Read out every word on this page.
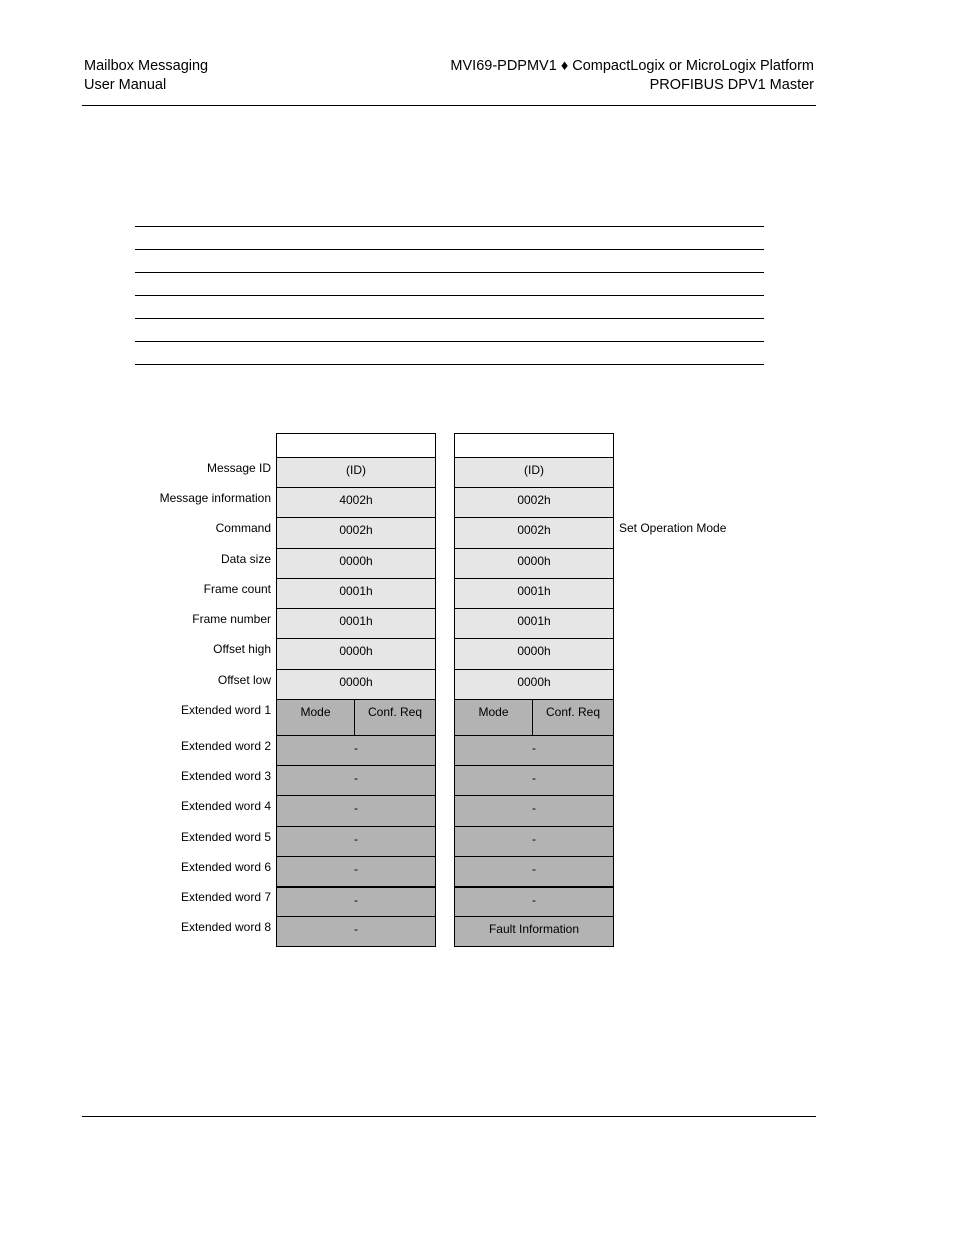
Mailbox Messaging
User Manual
MVI69-PDPMV1 ♦ CompactLogix or MicroLogix Platform
PROFIBUS DPV1 Master
Message ID
Message information
Command
Data size
Frame count
Frame number
Offset high
Offset low
Extended word 1
Extended word 2
Extended word 3
Extended word 4
Extended word 5
Extended word 6
Extended word 7
Extended word 8
(ID)
4002h
0002h
0000h
0001h
0001h
0000h
0000h
Mode	Conf. Req
-
-
-
-
-
-
-
(ID)
0002h
0002h
0000h
0001h
0001h
0000h
0000h
Mode	Conf. Req
-
-
-
-
-
-
Fault Information
Set Operation Mode
